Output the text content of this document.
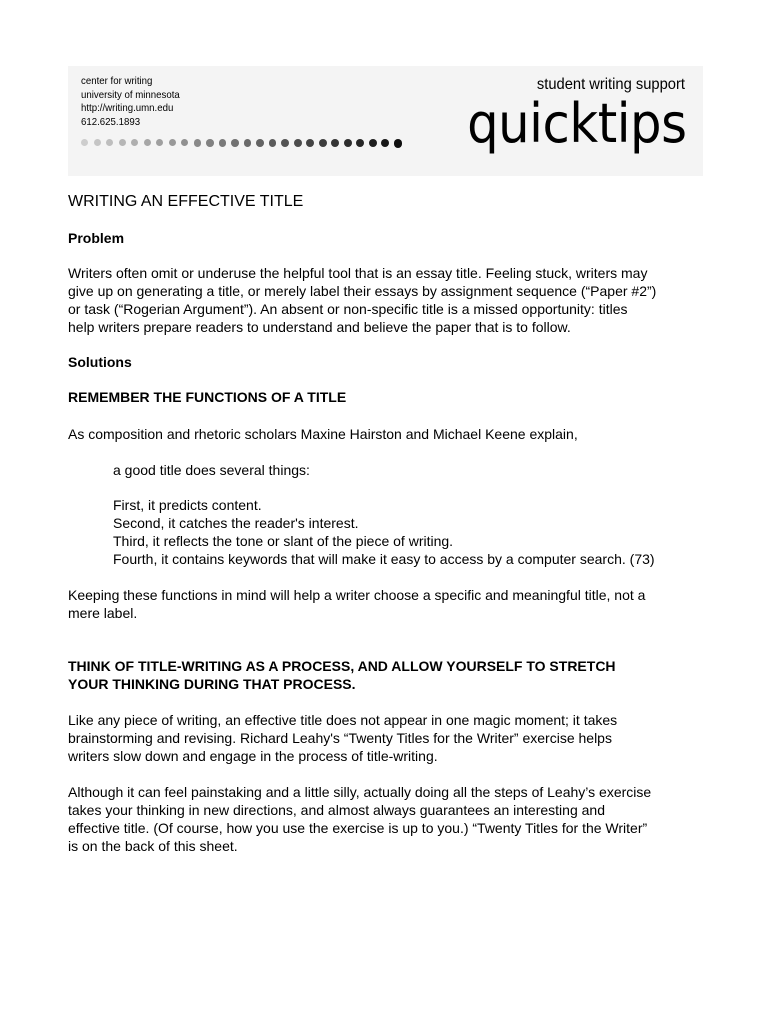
center for writing
university of minnesota
http://writing.umn.edu
612.625.1893
student writing support
quicktips
WRITING AN EFFECTIVE TITLE
Problem
Writers often omit or underuse the helpful tool that is an essay title. Feeling stuck, writers may
give up on generating a title, or merely label their essays by assignment sequence (“Paper #2”)
or task (“Rogerian Argument”). An absent or non-specific title is a missed opportunity: titles
help writers prepare readers to understand and believe the paper that is to follow.
Solutions
REMEMBER THE FUNCTIONS OF A TITLE
As composition and rhetoric scholars Maxine Hairston and Michael Keene explain,
a good title does several things:
First, it predicts content.
Second, it catches the reader's interest.
Third, it reflects the tone or slant of the piece of writing.
Fourth, it contains keywords that will make it easy to access by a computer search. (73)
Keeping these functions in mind will help a writer choose a specific and meaningful title, not a
mere label.
THINK OF TITLE-WRITING AS A PROCESS, AND ALLOW YOURSELF TO STRETCH
YOUR THINKING DURING THAT PROCESS.
Like any piece of writing, an effective title does not appear in one magic moment; it takes
brainstorming and revising. Richard Leahy's “Twenty Titles for the Writer” exercise helps
writers slow down and engage in the process of title-writing.
Although it can feel painstaking and a little silly, actually doing all the steps of Leahy’s exercise
takes your thinking in new directions, and almost always guarantees an interesting and
effective title. (Of course, how you use the exercise is up to you.) “Twenty Titles for the Writer”
is on the back of this sheet.
